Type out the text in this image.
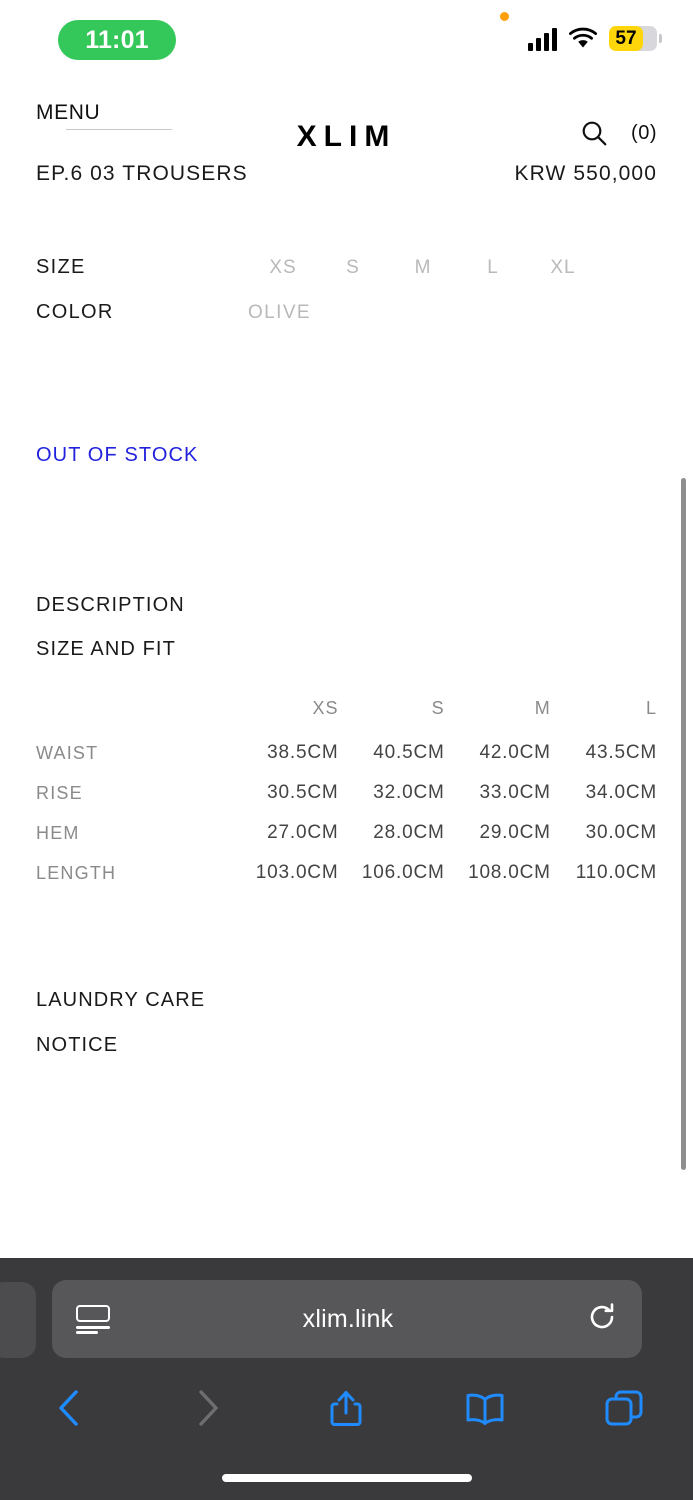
11:01	57
MENU
XLIM	(0)
EP.6 03 TROUSERS	KRW 550,000
SIZE	XS	S	M	L	XL
COLOR	OLIVE
OUT OF STOCK
DESCRIPTION
SIZE AND FIT
	XS	S	M	L
WAIST	38.5CM	40.5CM	42.0CM	43.5CM
RISE	30.5CM	32.0CM	33.0CM	34.0CM
HEM	27.0CM	28.0CM	29.0CM	30.0CM
LENGTH	103.0CM	106.0CM	108.0CM	110.0CM
LAUNDRY CARE
NOTICE
xlim.link
